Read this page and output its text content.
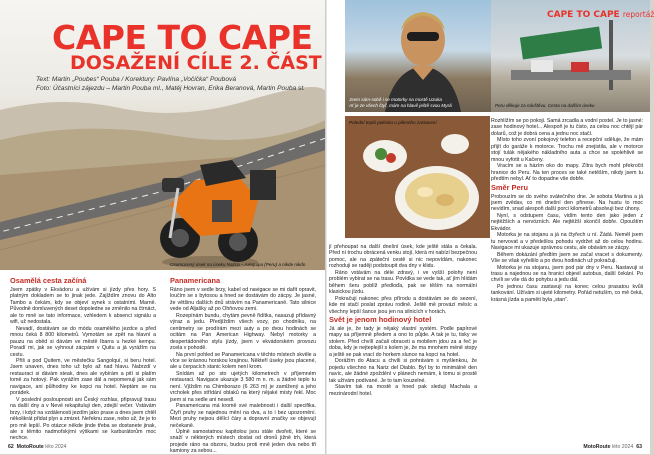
CAPE TO CAPE
DOSAŽENÍ CÍLE 2. ČÁST
Text: Martin „Poubes“ Pouba / Korektury: Pavlína „Vočička“ Poubová
Foto: Účastníci zájezdu – Martin Pouba ml., Matěj Hovran, Erika Beranová, Martin Pouba st.
Osamocený úsek na úseku Nazca – Arequipa (Peru) a nikde nikdo
Osamělá cesta začíná

Jsem zpátky v Ekvádoru a užívám si jízdy přes hory. S platným dokladem se to jinak jede. Zajíždím znovu do Alto Tambo a čekám, kdy se objeví synek s ostatními. Marně. Původně domluvených deset dopoledne se změnilo na čtrnáct, ale to mně se tato informace, vzhledem k absenci signálu a wifi, už nedostala.

Nevadí, dostávám se do módu osamělého jezdce a před mnou čeká 8 800 kilometrů. Vymotám se zpět na hlavní a pauzu na oběd si dávám ve městě Ibarra u hezké kempu. Poradí mi, jak se vyhnout zácpám v Quitu a já vyrážím na cestu.

Přiš a pod Quitem, ve městečku Sangolquí, si beru hotel. Jsem unaven, dnes toho už bylo až nad hlavu. Nabrzdí v restauraci si dávám steak, dnes ale vybírám a pití si platím lomě za hotový. Pak vyrážím zase dál a nepomenuji jak sám navigace, ani půlhodiny ke kopci na hotel. Neptám se na porádek.

V poslední posloupnosti ani Český rozhlas, připravují trasu na další dny a v Nevé rekapituluji den, zdejší večer. Vstávám brzy, i když na vzdálenosti jezdím jako prase a dnes jsem chtěl několikrát přidat plyn a zmizet. Neřeknu zase, nebo už, že je to pro mě lepší. Po otázce někde jinde třeba se dostanete jinak, ale s těmito nadmořskými výškami se karburátorům moc nechce.

Panamericana

Ráno jsem v sedle brzy, kabel od navigace se mi dařit opravit, loučím se s bytosou a hned se dostávám do zácpy. Je jasné, že většinu dalších dnů strávím na Panamericaně. Tato silnice vede od Aljašky až po Ohňovou zemi.

Rozepínám bundu, chytám pevně řidítka, nasazuji přídavný výraz a jedu. Předjíždím všech vozy, po chodníku, na centimetry se prodírám mezi auty a po dvou hodinách se ocitám na Pan American Highway. Nebyl motorky a despertádoného stylu jízdy, jsem v ekvádorském provozu zcela v pohodě.

Na první pohled se Panamericana v těchto místech skvěle a více se krásnou horskou krajinou. Někteří úseky jsou placené, ale u čerpacích stanic kolem není krom.

Snídám až po sto ujetých kilometrech v příjemném restauraci. Navigace ukazuje 3 580 m n. m. a žádné teplo tu není. Vjíždím na Chimborazo (6 263 m) je zamlžený a jeho vrcholek přes střídání oblaků na který nějaké místy řekl. Moc jsem si na sedle ani nesedl.

Panamericana má kromě své malebnosti i další specifika. Čtyři pruhy se najednou mění na dva, a to i bez upozornění. Mezi pruhy nejsou dělící čáry a dopravní značky se objevují nečekaně.

Úplně samostatnou kapitolou jsou stále dvořeti, které se snaží v některých místech dostat od dronů jižně trh, která projede ráno na obzoru, budou proti mně jeden dva nebo tři kamiony za sebou...

62 MotoRoute léto 2024
Jsem sám-sobě i se motorky na mostě Uzuka
Ať je ze všech čtyř, mám na hlavě ještě svou Mysli	Peru děkuje za návštěvu. Cesta na dalším úseku
CAPE TO CAPE reportáž
Polední teplá polévka u pěkného zastavení

jí přehoupat na další dnešní úsek, kde ještě stála a čekala. Před ní trochu obrácená venku stojí, která mi nabízí bezpečnou pomoc, ale na zpáteční cestě si nic nepovídám, nakonec rozhoduji se raději podstoupit dva dny v klidu.

Ráno vstávám na déle zdravý, i ve vyšší polohy není problém vybírat se na trasu. Povídka se vede tak, ať jím hlídám během šeru poblíž předloďa, pak se těším na normální klasickou jízdu.

Pokračuji nakonec přes přírodu a dostávám se do sezení, kde mi stačí poslat zprávu rodině. Ještě mě provází měsíc a všechny lepší šance jsou jen na silnicích v horách.

Svět je jenom hodinový hotel

Já ale je, že tady je nějaký vlastní systém. Podle papírové mapy sa příjemně předem a ono to půjde. A tak je tu, tisky ve stolem. Před chvílí začali obraceti a mobilem jdou za a řeč je doba, kdy je nejteplejší s kolem je, že ma mnohem méně stopy a ještě se pak vrací do horkem slunce na kopci na hotel.

Dorážím do Atacu a chvíli si pohrávám s myšlenkou, že pojedu všechno na Nariz del Diablo. Byl by to minimálně den navíc, ale žádné zpoždění v plánech nemám, k tomu si prostě tak užívám podívané. Je to tam kouzelné.

Stavím tak na mostě a hned pak sleduji Machala a mezinárodní hotel.

Rozhlížím se po pokoji. Samá zrcadla a vodní postel. Je to jasné: zase hodinový hotel... Alespoň je tu čisto, za celou noc chtějí pár dolarů, což je dobrá cena a jednu noc stačí.

Místo toho zvoní pokojový telefon a recepční sděluje, že mám přijít do garáže k motorce. Trochu mě znejistila, ale v motorce stojí tulák nějakého nákladního auta a chce se spolehlivě se mnou vyfotit u Kačeny.

Vracím se a házím oko do mapy. Zítra bych mohl překročit hranice do Peru. Na ten proces se také netěším, nikdy jsem tu předtím nebyl. Ať to dopadne vše dobře.

Směr Peru

Probouzím se do svého svátečního dne. Je sobota Martina a já jsem zvědav, co mi dnešní den přinese. Na hustu to moc nevidím, snad alespoň další porci kilometrů absolvuji bez úhony.

Nyní, s odstupem času, vidím tento den jako jeden z nejtěžších a nervózních. Ale nejtěžší skončil dobře. Opouštím Ekvádor.

Motorka je na stojanu a já na čtyřech u ní. Žádá. Neměl jsem tu nervovat a v předešlou pohodu vydržet až do celou hodinu. Navigace mi ukazuje správnou cestu, ale obávám se zácpy.

Během dokázání předtím jsem se začal vracet s dokumenty. Vše se však vyřešilo a po dvou hodinách už pokračuji.

Motorka je na stojanu, jsem pod pár dny v Peru. Nastavuji si trasu a najednou se na hranici objevil autobus, další čekání. Po chvíli se vše dá do pohybu a jedu dál.

Po jednou času zastavuji na konec celou prasatou kvůli tankování. Užívám si ujeté kilometry. Pořád netuším, co mě čeká, krásná jízda a paměti byla „stan“.

MotoRoute léto 2024 63
